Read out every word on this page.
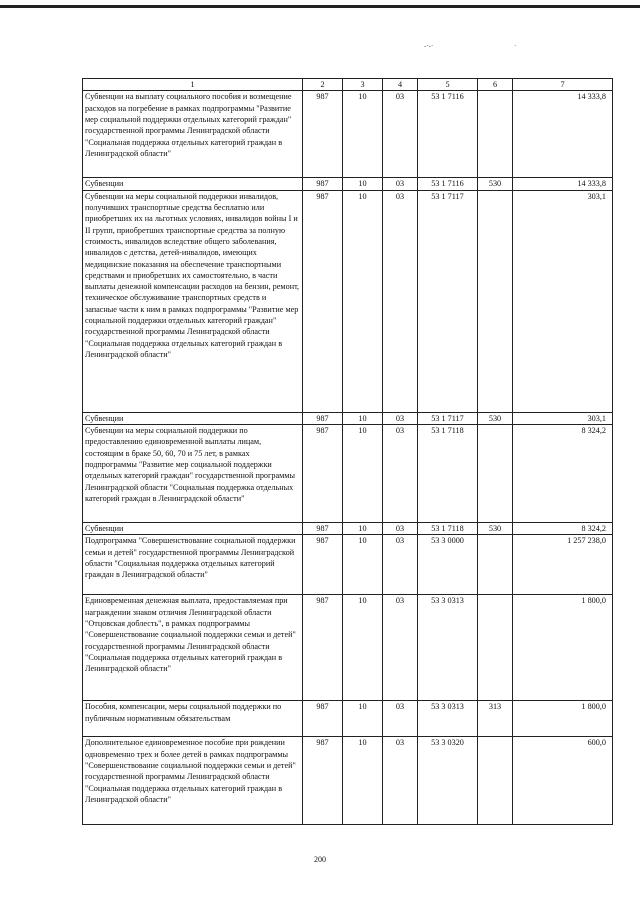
-·-·	·
1	2	3	4	5	6	7
Субвенции на выплату социального пособия и возмещение расходов на погребение в рамках подпрограммы "Развитие мер социальной поддержки отдельных категорий граждан" государственной программы Ленинградской области "Социальная поддержка отдельных категорий граждан в Ленинградской области"	987	10	03	53 1 7116		14 333,8
Субвенции	987	10	03	53 1 7116	530	14 333,8
Субвенции на меры социальной поддержки инвалидов, получивших транспортные средства бесплатно или приобретших их на льготных условиях, инвалидов войны I и II групп, приобретших транспортные средства за полную стоимость, инвалидов вследствие общего заболевания, инвалидов с детства, детей-инвалидов, имеющих медицинские показания на обеспечение транспортными средствами и приобретших их самостоятельно, в части выплаты денежной компенсации расходов на бензин, ремонт, техническое обслуживание транспортных средств и запасные части к ним в рамках подпрограммы "Развитие мер социальной поддержки отдельных категорий граждан" государственной программы Ленинградской области "Социальная поддержка отдельных категорий граждан в Ленинградской области"	987	10	03	53 1 7117		303,1
Субвенции	987	10	03	53 1 7117	530	303,1
Субвенции на меры социальной поддержки по предоставлению единовременной выплаты лицам, состоящим в браке 50, 60, 70 и 75 лет, в рамках подпрограммы "Развитие мер социальной поддержки отдельных категорий граждан" государственной программы Ленинградской области "Социальная поддержка отдельных категорий граждан в Ленинградской области"	987	10	03	53 1 7118		8 324,2
Субвенции	987	10	03	53 1 7118	530	8 324,2
Подпрограмма "Совершенствование социальной поддержки семьи и детей" государственной программы Ленинградской области "Социальная поддержка отдельных категорий граждан в Ленинградской области"	987	10	03	53 3 0000		1 257 238,0
Единовременная денежная выплата, предоставляемая при награждении знаком отличия Ленинградской области "Отцовская доблесть", в рамках подпрограммы "Совершенствование социальной поддержки семьи и детей" государственной программы Ленинградской области "Социальная поддержка отдельных категорий граждан в Ленинградской области"	987	10	03	53 3 0313		1 800,0
Пособия, компенсации, меры социальной поддержки по публичным нормативным обязательствам	987	10	03	53 3 0313	313	1 800,0
Дополнительное единовременное пособие при рождении одновременно трех и более детей в рамках подпрограммы "Совершенствование социальной поддержки семьи и детей" государственной программы Ленинградской области "Социальная поддержка отдельных категорий граждан в Ленинградской области"	987	10	03	53 3 0320		600,0
200
